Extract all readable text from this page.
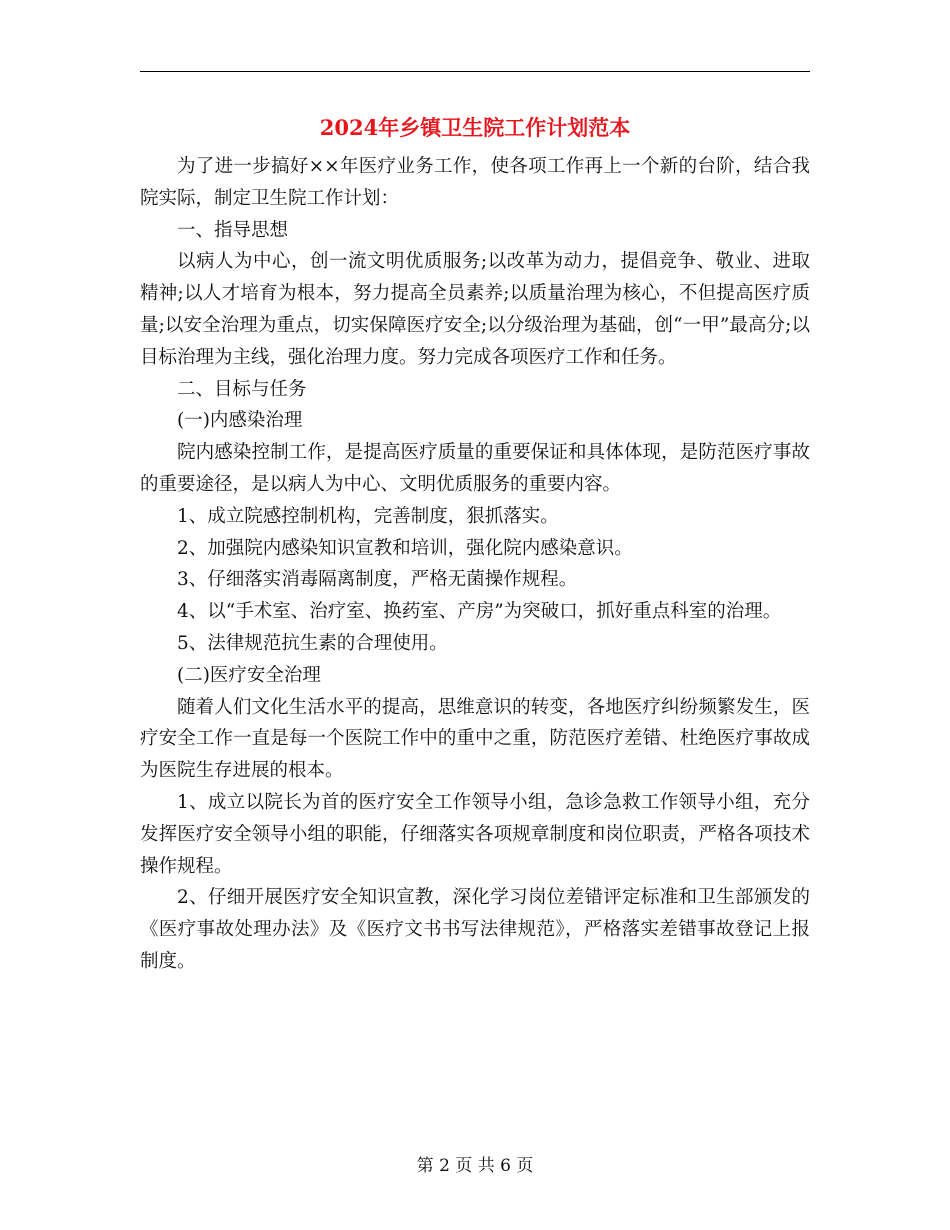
2024年乡镇卫生院工作计划范本

为了进一步搞好××年医疗业务工作，使各项工作再上一个新的台阶，结合我院实际，制定卫生院工作计划：

一、指导思想

以病人为中心，创一流文明优质服务;以改革为动力，提倡竞争、敬业、进取精神;以人才培育为根本，努力提高全员素养;以质量治理为核心，不但提高医疗质量;以安全治理为重点，切实保障医疗安全;以分级治理为基础，创“一甲”最高分;以目标治理为主线，强化治理力度。努力完成各项医疗工作和任务。

二、目标与任务

(一)内感染治理

院内感染控制工作，是提高医疗质量的重要保证和具体体现，是防范医疗事故的重要途径，是以病人为中心、文明优质服务的重要内容。

1、成立院感控制机构，完善制度，狠抓落实。

2、加强院内感染知识宣教和培训，强化院内感染意识。

3、仔细落实消毒隔离制度，严格无菌操作规程。

4、以“手术室、治疗室、换药室、产房”为突破口，抓好重点科室的治理。

5、法律规范抗生素的合理使用。

(二)医疗安全治理

随着人们文化生活水平的提高，思维意识的转变，各地医疗纠纷频繁发生，医疗安全工作一直是每一个医院工作中的重中之重，防范医疗差错、杜绝医疗事故成为医院生存进展的根本。

1、成立以院长为首的医疗安全工作领导小组，急诊急救工作领导小组，充分发挥医疗安全领导小组的职能，仔细落实各项规章制度和岗位职责，严格各项技术操作规程。

2、仔细开展医疗安全知识宣教，深化学习岗位差错评定标准和卫生部颁发的《医疗事故处理办法》及《医疗文书书写法律规范》，严格落实差错事故登记上报制度。

第 2 页 共 6 页
